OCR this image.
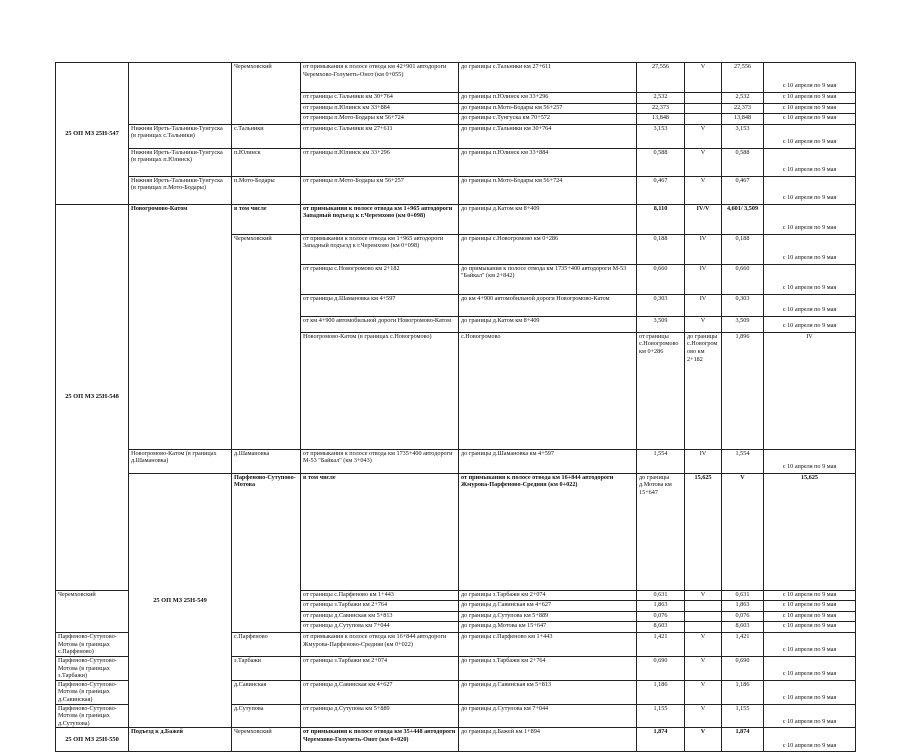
25 ОП МЗ 25Н-547		Черемховский	от примыкания к полосе отвода км 42+901 автодороги Черемхово-Голуметь-Онот (км 0+055)	до границы с.Тальники км 27+611	27,556	V	27,556	с 10 апреля по 9 мая	
			от границы с.Тальники км 30+764	до границы п.Юлинск км 33+296	2,532		2,532	с 10 апреля по 9 мая	
			от границы п.Юлинск км 33+884	до границы п.Мото-Бодары км 56+257	22,373		22,373	с 10 апреля по 9 мая	
			от границы п.Мото-Бодары км 56+724	до границы с.Тунгуска км 70+572	13,848		13,848	с 10 апреля по 9 мая	
	Нижняя Иреть-Тальники-Тунгуска (в границах с.Тальники)	с.Тальники	от границы с.Тальники км 27+611	до границы с.Тальники км 30+764	3,153	V	3,153	с 10 апреля по 9 мая	
	Нижняя Иреть-Тальники-Тунгуска (в границах п.Юлинск)	п.Юлинск	от границы п.Юлинск км 33+296	до границы п.Юлинск км 33+884	0,588	V	0,588	с 10 апреля по 9 мая	
	Нижняя Иреть-Тальники-Тунгуска (в границах п.Мото-Бодары)	п.Мото-Бодары	от границы п.Мото-Бодары км 56+257	до границы п.Мото-Бодары км 56+724	0,467	V	0,467	с 10 апреля по 9 мая	
25 ОП МЗ 25Н-548	Новогромово-Катом	в том числе	от примыкания к полосе отвода км 1+965 автодороги Западный подъезд к г.Черемхово (км 0+098)	до границы д.Катом км 8+409	8,110	IV/V	4,601/ 3,509	с 10 апреля по 9 мая	
		Черемховский	от примыкания к полосе отвода км 1+965 автодороги Западный подъезд к г.Черемхово (км 0+098)	до границы с.Новогромово км 0+286	0,188	IV	0,188	с 10 апреля по 9 мая	
			от границы с.Новогромово км 2+182	до примыкания к полосе отвода км 1735+400 автодороги М-53 "Байкал" (км 2+842)	0,660	IV	0,660	с 10 апреля по 9 мая	
			от границы д.Шамановка км 4+597	до км 4+900 автомобильной дороги Новогромово-Катом	0,303	IV	0,303	с 10 апреля по 9 мая	
			от км 4+900 автомобильной дороги Новогромово-Катом	до границы д.Катом км 8+409	3,509	V	3,509	с 10 апреля по 9 мая	
			Новогромово-Катом (в границах с.Новогромово)	с.Новогромово	от границы с.Новогромово км 0+286	до границы с.Новогромово км 2+182	1,896	IV		
	Новогромово-Катом (в границах д.Шамановка)	д.Шамановка	от примыкания к полосе отвода км 1735+400 автодороги М-53 "Байкал" (км 3+043)	до границы д.Шамановка км 4+597	1,554	IV	1,554	с 10 апреля по 9 мая	
	25 ОП МЗ 25Н-549	Парфеново-Сутупово-Мотова	в том числе	от примыкания к полосе отвода км 16+844 автодороги Жмурова-Парфеново-Средняя (км 0+022)	до границы д.Мотова км 15+647	15,625	V	15,625	
Черемховский			от границы с.Парфеново км 1+443	до границы з.Тарбажи км 2+074	0,631	V	0,631	с 10 апреля по 9 мая	
			от границы з.Тарбажи км 2+764	до границы д.Савинская км 4+627	1,863		1,863	с 10 апреля по 9 мая	
			от границы д.Савинская км 5+813	до границы д.Сутупова км 5+889	0,076		0,076	с 10 апреля по 9 мая	
			от границы д.Сутупова км 7+044	до границы д.Мотова км 15+647	8,603		8,603	с 10 апреля по 9 мая	
Парфеново-Сутупово-Мотова (в границах с.Парфеново)		с.Парфеново	от примыкания к полосе отвода км 16+844 автодороги Жмурова-Парфеново-Средняя (км 0+022)	до границы с.Парфеново км 1+443	1,421	V	1,421	с 10 апреля по 9 мая	
Парфеново-Сутупово-Мотова (в границах з.Тарбажи)		з.Тарбажи	от границы з.Тарбажи км 2+074	до границы з.Тарбажи км 2+764	0,690	V	0,690	с 10 апреля по 9 мая	
Парфеново-Сутупово-Мотова (в границах д.Савинская)		д.Савинская	от границы д.Савинская км 4+627	до границы д.Савинская км 5+813	1,186	V	1,186	с 10 апреля по 9 мая	
Парфеново-Сутупово-Мотова (в границах д.Сутупова)		д.Сутупова	от границы д.Сутупова км 5+889	до границы д.Сутупова км 7+044	1,155	V	1,155	с 10 апреля по 9 мая	
25 ОП МЗ 25Н-550	Подъезд к д.Бажей	Черемховский	от примыкания к полосе отвода км 35+448 автодороги Черемхово-Голуметь-Онот (км 0+020)	до границы д.Бажей км 1+894	1,874	V	1,874	с 10 апреля по 9 мая	
